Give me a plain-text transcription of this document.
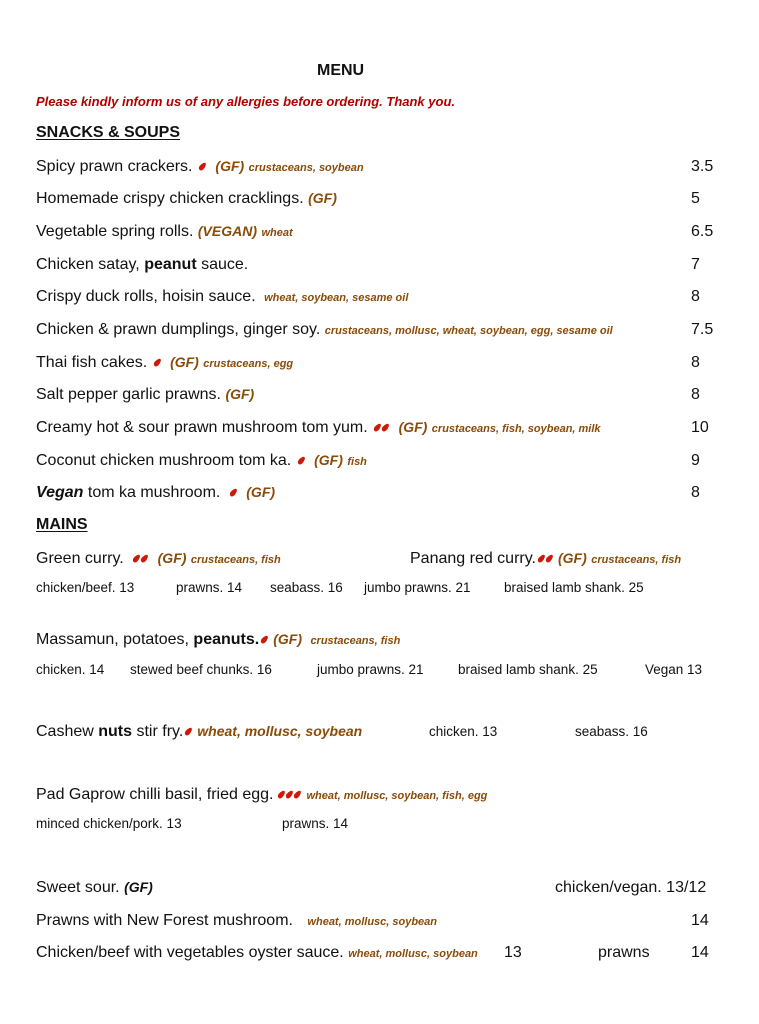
MENU
Please kindly inform us of any allergies before ordering. Thank you.
SNACKS & SOUPS
Spicy prawn crackers. (GF) crustaceans, soybean	3.5
Homemade crispy chicken cracklings. (GF)	5
Vegetable spring rolls. (VEGAN) wheat	6.5
Chicken satay, peanut sauce.	7
Crispy duck rolls, hoisin sauce. wheat, soybean, sesame oil	8
Chicken & prawn dumplings, ginger soy. crustaceans, mollusc, wheat, soybean, egg, sesame oil	7.5
Thai fish cakes. (GF) crustaceans, egg	8
Salt pepper garlic prawns. (GF)	8
Creamy hot & sour prawn mushroom tom yum. (GF) crustaceans, fish, soybean, milk	10
Coconut chicken mushroom tom ka. (GF) fish	9
Vegan tom ka mushroom. (GF)	8
MAINS
Green curry. (GF) crustaceans, fish	Panang red curry. (GF) crustaceans, fish
chicken/beef. 13	prawns. 14 seabass. 16 jumbo prawns. 21 braised lamb shank. 25
Massamun, potatoes, peanuts. (GF) crustaceans, fish
chicken. 14 stewed beef chunks. 16	jumbo prawns. 21	braised lamb shank. 25	Vegan 13
Cashew nuts stir fry. wheat, mollusc, soybean	chicken. 13	seabass. 16
Pad Gaprow chilli basil, fried egg.	wheat, mollusc, soybean, fish, egg
minced chicken/pork. 13	prawns. 14
Sweet sour. (GF)	chicken/vegan. 13/12
Prawns with New Forest mushroom. wheat, mollusc, soybean	14
Chicken/beef with vegetables oyster sauce. wheat, mollusc, soybean 13	prawns	14
